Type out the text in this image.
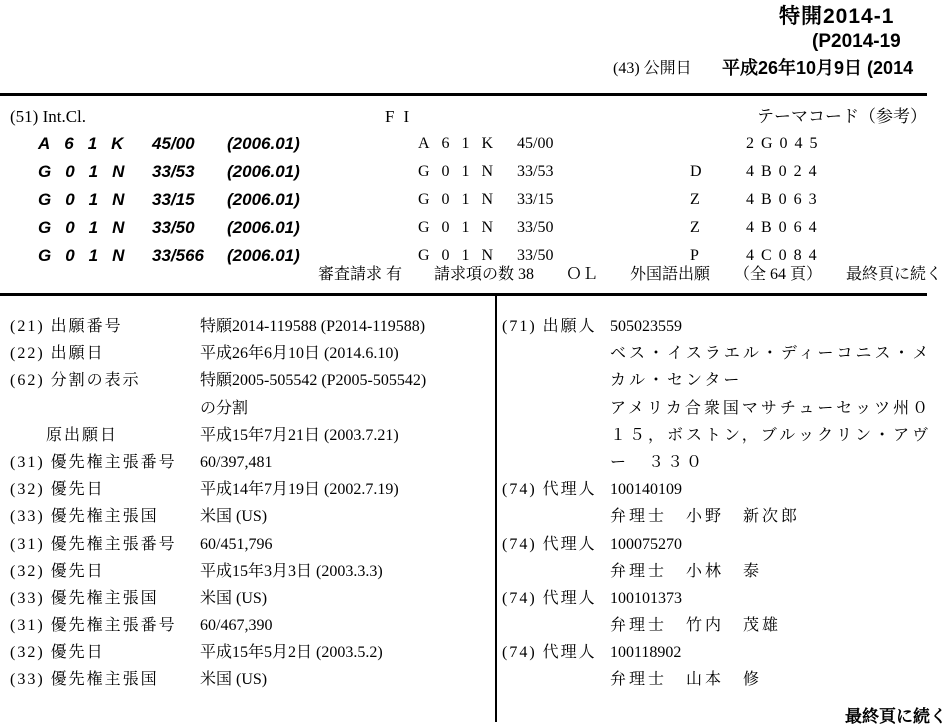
特開2014-1
(P2014-19
(43) 公開日 平成26年10月9日 (2014
(51) Int.Cl.	FI	テーマコード（参考）
A61K 45/00 (2006.01)	A61K 45/00	2G045
G01N 33/53 (2006.01)	G01N 33/53	D	4B024
G01N 33/15 (2006.01)	G01N 33/15	Z	4B063
G01N 33/50 (2006.01)	G01N 33/50	Z	4B064
G01N 33/566 (2006.01)	G01N 33/50	P	4C084
審査請求 有　　請求項の数 38　　ＯＬ　　外国語出願　　（全 64 頁）　　最終頁に続く
(21) 出願番号	特願2014-119588 (P2014-119588)
(22) 出願日	平成26年6月10日 (2014.6.10)
(62) 分割の表示	特願2005-505542 (P2005-505542)
の分割
　　原出願日	平成15年7月21日 (2003.7.21)
(31) 優先権主張番号 60/397,481
(32) 優先日	平成14年7月19日 (2002.7.19)
(33) 優先権主張国	米国 (US)
(31) 優先権主張番号 60/451,796
(32) 優先日	平成15年3月3日 (2003.3.3)
(33) 優先権主張国	米国 (US)
(31) 優先権主張番号 60/467,390
(32) 優先日	平成15年5月2日 (2003.5.2)
(33) 優先権主張国	米国 (US)
(71) 出願人 505023559
ベス・イスラエル・ディーコニス・メ
カル・センター
アメリカ合衆国マサチューセッツ州０
１５，ボストン，ブルックリン・アヴ
ー　３３０
(74) 代理人 100140109
弁理士　小野　新次郎
(74) 代理人 100075270
弁理士　小林　泰
(74) 代理人 100101373
弁理士　竹内　茂雄
(74) 代理人 100118902
弁理士　山本　修
最終頁に続く
